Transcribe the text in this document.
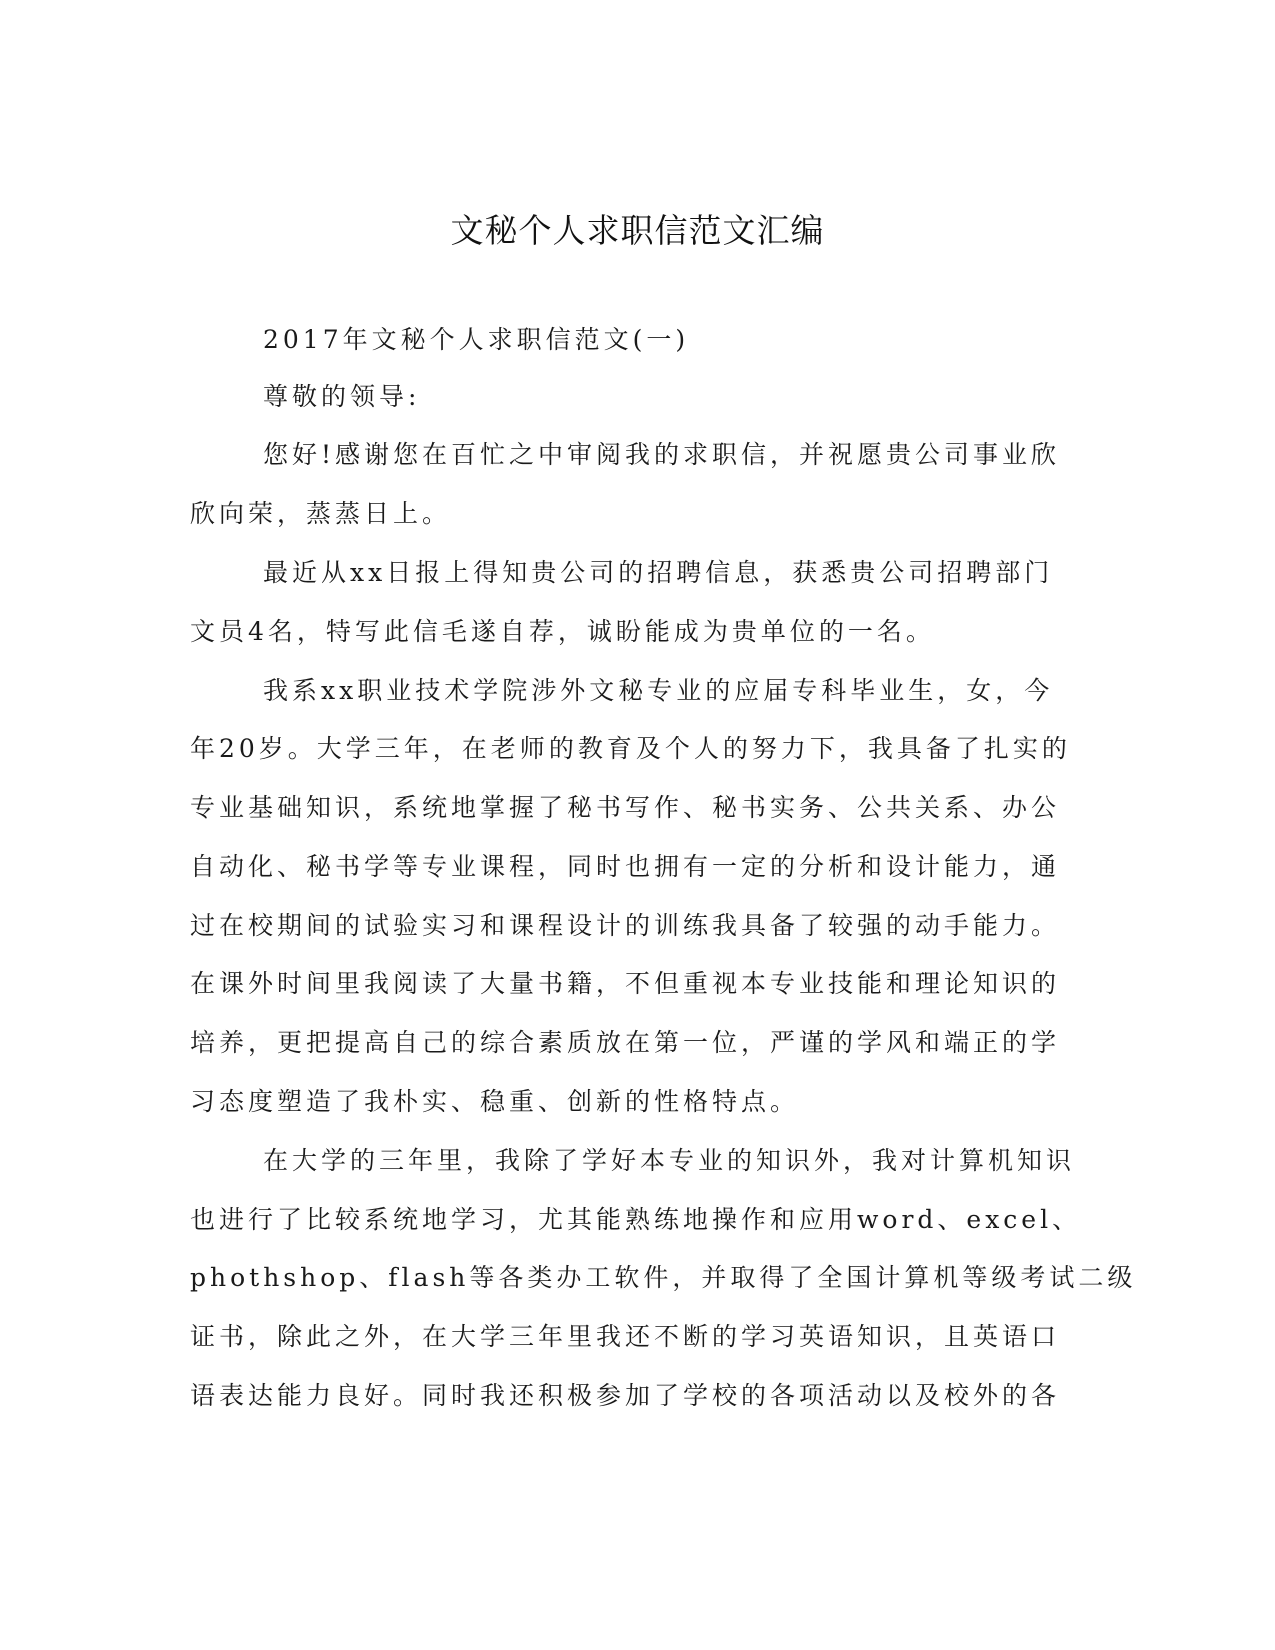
文秘个人求职信范文汇编

2017年文秘个人求职信范文(一)

尊敬的领导:

您好!感谢您在百忙之中审阅我的求职信，并祝愿贵公司事业欣

欣向荣，蒸蒸日上。

最近从xx日报上得知贵公司的招聘信息，获悉贵公司招聘部门

文员4名，特写此信毛遂自荐，诚盼能成为贵单位的一名。

我系xx职业技术学院涉外文秘专业的应届专科毕业生，女，今

年20岁。大学三年，在老师的教育及个人的努力下，我具备了扎实的

专业基础知识，系统地掌握了秘书写作、秘书实务、公共关系、办公

自动化、秘书学等专业课程，同时也拥有一定的分析和设计能力，通

过在校期间的试验实习和课程设计的训练我具备了较强的动手能力。

在课外时间里我阅读了大量书籍，不但重视本专业技能和理论知识的

培养，更把提高自己的综合素质放在第一位，严谨的学风和端正的学

习态度塑造了我朴实、稳重、创新的性格特点。

在大学的三年里，我除了学好本专业的知识外，我对计算机知识

也进行了比较系统地学习，尤其能熟练地操作和应用word、excel、

phothshop、flash等各类办工软件，并取得了全国计算机等级考试二级

证书，除此之外，在大学三年里我还不断的学习英语知识，且英语口

语表达能力良好。同时我还积极参加了学校的各项活动以及校外的各
